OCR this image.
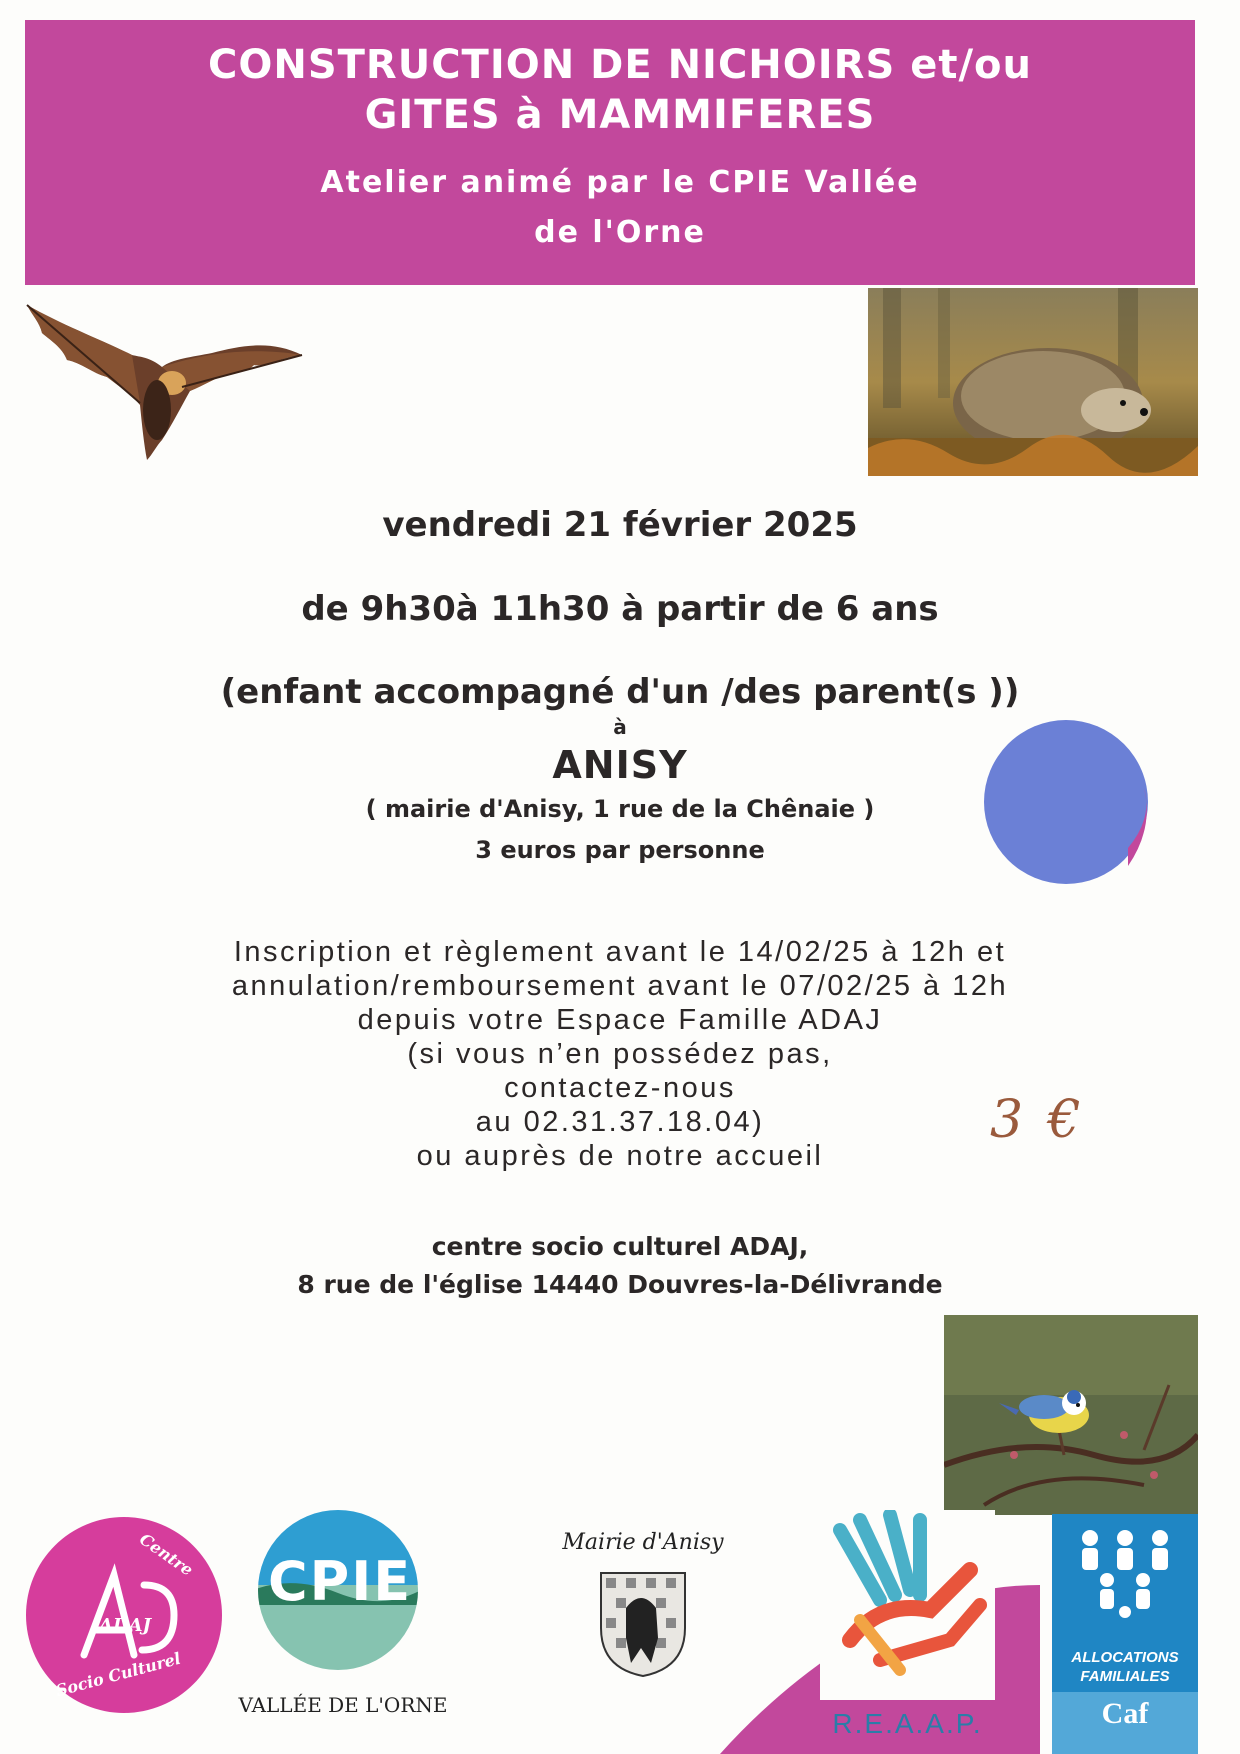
CONSTRUCTION DE NICHOIRS et/ou
GITES à MAMMIFERES
Atelier animé par le CPIE Vallée
de l'Orne
vendredi 21 février 2025
de 9h30à 11h30 à partir de 6 ans
(enfant accompagné d'un /des parent(s ))
à
ANISY
( mairie d'Anisy, 1 rue de la Chênaie )
3 euros par personne
Inscription et règlement avant le 14/02/25 à 12h et
annulation/remboursement avant le 07/02/25 à 12h
depuis votre Espace Famille ADAJ
(si vous n’en possédez pas,
contactez-nous
au 02.31.37.18.04)
ou auprès de notre accueil
3 €
centre socio culturel ADAJ,
8 rue de l'église 14440 Douvres-la-Délivrande
Centre
Socio Culturel
ADAJ
CPIE
VALLÉE DE L'ORNE
Mairie d'Anisy
R.E.A.A.P.
ALLOCATIONS
FAMILIALES
Caf
